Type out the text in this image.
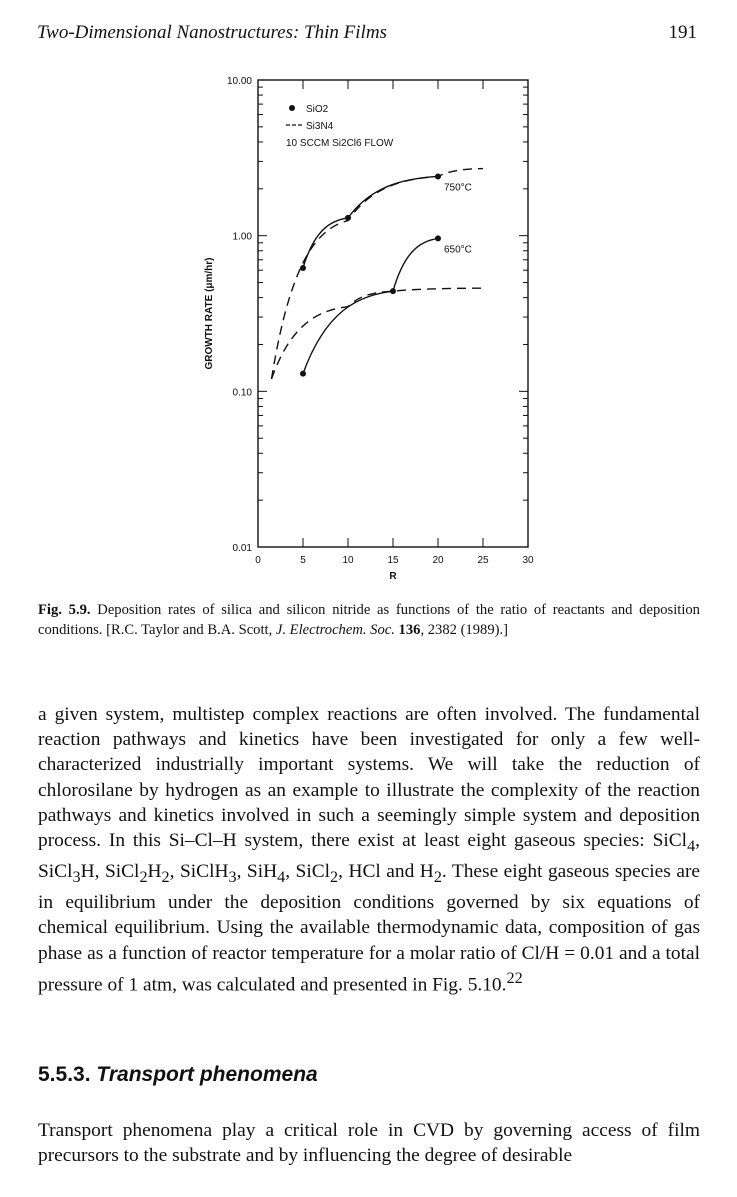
Two-Dimensional Nanostructures: Thin Films	191
0.01
0.10
1.00
10.00
0	5	10	15	20	25	30
R
GROWTH RATE (μm/hr)
SiO2
Si3N4
10 SCCM Si2Cl6 FLOW
750°C
650°C
Fig. 5.9. Deposition rates of silica and silicon nitride as functions of the ratio of reactants and deposition conditions. [R.C. Taylor and B.A. Scott, J. Electrochem. Soc. 136, 2382 (1989).]

a given system, multistep complex reactions are often involved. The fundamental reaction pathways and kinetics have been investigated for only a few well-characterized industrially important systems. We will take the reduction of chlorosilane by hydrogen as an example to illustrate the complexity of the reaction pathways and kinetics involved in such a seemingly simple system and deposition process. In this Si–Cl–H system, there exist at least eight gaseous species: SiCl$_4$, SiCl$_3$H, $SiCl_2H_2$, SiClH$_3$, SiH$_4$, SiCl$_2$, HCl and $H_2$. These eight gaseous species are in equilibrium under the deposition conditions governed by six equations of chemical equilibrium. Using the available thermodynamic data, composition of gas phase as a function of reactor temperature for a molar ratio of Cl/H = 0.01 and a total pressure of 1 atm, was calculated and presented in Fig. 5.10.22

5.5.3. Transport phenomena

Transport phenomena play a critical role in CVD by governing access of film precursors to the substrate and by influencing the degree of desirable
